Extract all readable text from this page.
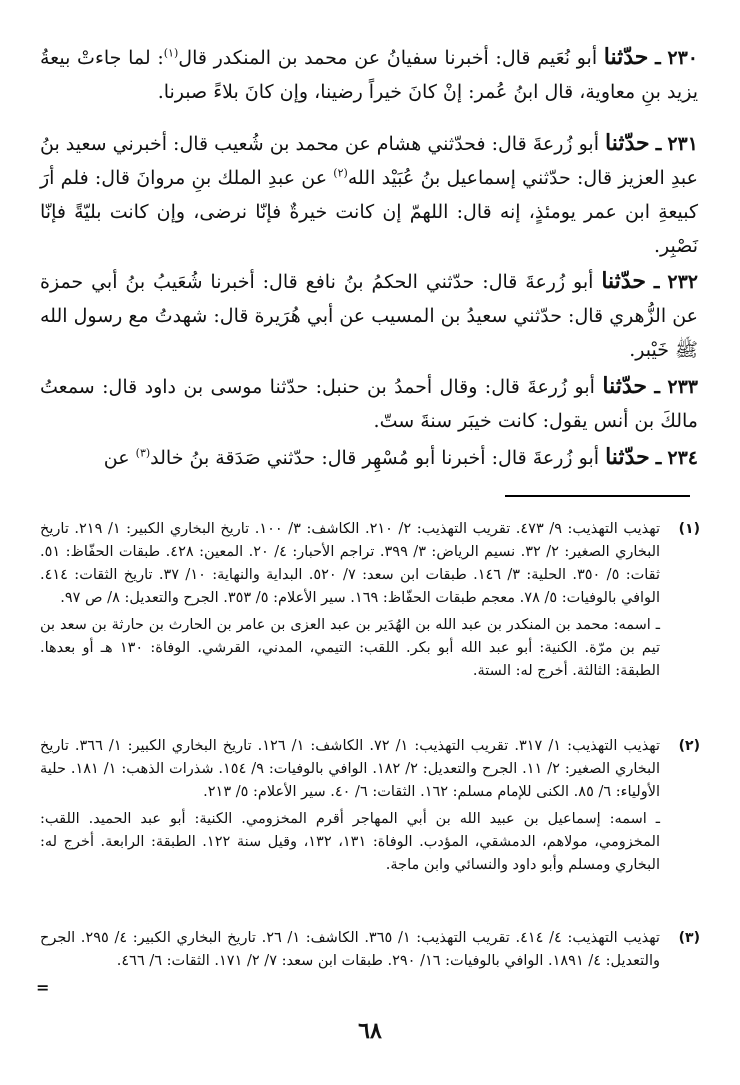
٢٣٠ ـ حدّثنا أبو نُعَيم قال: أخبرنا سفيانُ عن محمد بن المنكدر قال$^{(١)}$: لما جاءتْ بيعةُ يزيد بنِ معاوية، قال ابنُ عُمر: إنْ كانَ خيراً رضينا، وإن كانَ بلاءً صبرنا.

٢٣١ ـ حدّثنا أبو زُرعةَ قال: فحدّثني هشام عن محمد بن شُعيب قال: أخبرني سعيد بنُ عبدِ العزيز قال: حدّثني إسماعيل بنُ عُبَيْد الله$^{(٢)}$ عن عبدِ الملك بنِ مروانَ قال: فلم أرَ كبيعةِ ابن عمر يومئذٍ، إنه قال: اللهمّ إن كانت خيرةٌ فإنّا نرضى، وإن كانت بليّةً فإنّا نَصْبِر.

٢٣٢ ـ حدّثنا أبو زُرعةَ قال: حدّثني الحكمُ بنُ نافع قال: أخبرنا شُعَيبُ بنُ أبي حمزة عن الزُّهري قال: حدّثني سعيدُ بن المسيب عن أبي هُرَيرة قال: شهدتُ مع رسول الله ﷺ خَيْبر.

٢٣٣ ـ حدّثنا أبو زُرعةَ قال: وقال أحمدُ بن حنبل: حدّثنا موسى بن داود قال: سمعتُ مالكَ بن أنس يقول: كانت خيبَر سنةَ ستّ.

٢٣٤ ـ حدّثنا أبو زُرعةَ قال: أخبرنا أبو مُسْهِر قال: حدّثني صَدَقة بنُ خالد$^{(٣)}$ عن

(١)
تهذيب التهذيب: ٩/ ٤٧٣. تقريب التهذيب: ٢/ ٢١٠. الكاشف: ٣/ ١٠٠. تاريخ البخاري الكبير: ١/ ٢١٩. تاريخ البخاري الصغير: ٢/ ٣٢. نسيم الرياض: ٣/ ٣٩٩. تراجم الأحبار: ٤/ ٢٠. المعين: ٤٢٨. طبقات الحفّاظ: ٥١. ثقات: ٥/ ٣٥٠. الحلية: ٣/ ١٤٦. طبقات ابن سعد: ٧/ ٥٢٠. البداية والنهاية: ١٠/ ٣٧. تاريخ الثقات: ٤١٤. الوافي بالوفيات: ٥/ ٧٨. معجم طبقات الحفّاظ: ١٦٩. سير الأعلام: ٥/ ٣٥٣. الجرح والتعديل: ٨/ ص ٩٧.
ـ اسمه: محمد بن المنكدر بن عبد الله بن الهُدَير بن عبد العزى بن عامر بن الحارث بن حارثة بن سعد بن تيم بن مرّة. الكنية: أبو عبد الله أبو بكر. اللقب: التيمي، المدني، القرشي. الوفاة: ١٣٠ هـ أو بعدها. الطبقة: الثالثة. أخرج له: الستة.
(٢)
تهذيب التهذيب: ١/ ٣١٧. تقريب التهذيب: ١/ ٧٢. الكاشف: ١/ ١٢٦. تاريخ البخاري الكبير: ١/ ٣٦٦. تاريخ البخاري الصغير: ٢/ ١١. الجرح والتعديل: ٢/ ١٨٢. الوافي بالوفيات: ٩/ ١٥٤. شذرات الذهب: ١/ ١٨١. حلية الأولياء: ٦/ ٨٥. الكنى للإمام مسلم: ١٦٢. الثقات: ٦/ ٤٠. سير الأعلام: ٥/ ٢١٣.
ـ اسمه: إسماعيل بن عبيد الله بن أبي المهاجر أقرم المخزومي. الكنية: أبو عبد الحميد. اللقب: المخزومي، مولاهم، الدمشقي، المؤدب. الوفاة: ١٣١، ١٣٢، وقيل سنة ١٢٢. الطبقة: الرابعة. أخرج له: البخاري ومسلم وأبو داود والنسائي وابن ماجة.
(٣)
تهذيب التهذيب: ٤/ ٤١٤. تقريب التهذيب: ١/ ٣٦٥. الكاشف: ١/ ٢٦. تاريخ البخاري الكبير: ٤/ ٢٩٥. الجرح والتعديل: ٤/ ١٨٩١. الوافي بالوفيات: ١٦/ ٢٩٠. طبقات ابن سعد: ٧/ ٢/ ١٧١. الثقات: ٦/ ٤٦٦.
=
٦٨
